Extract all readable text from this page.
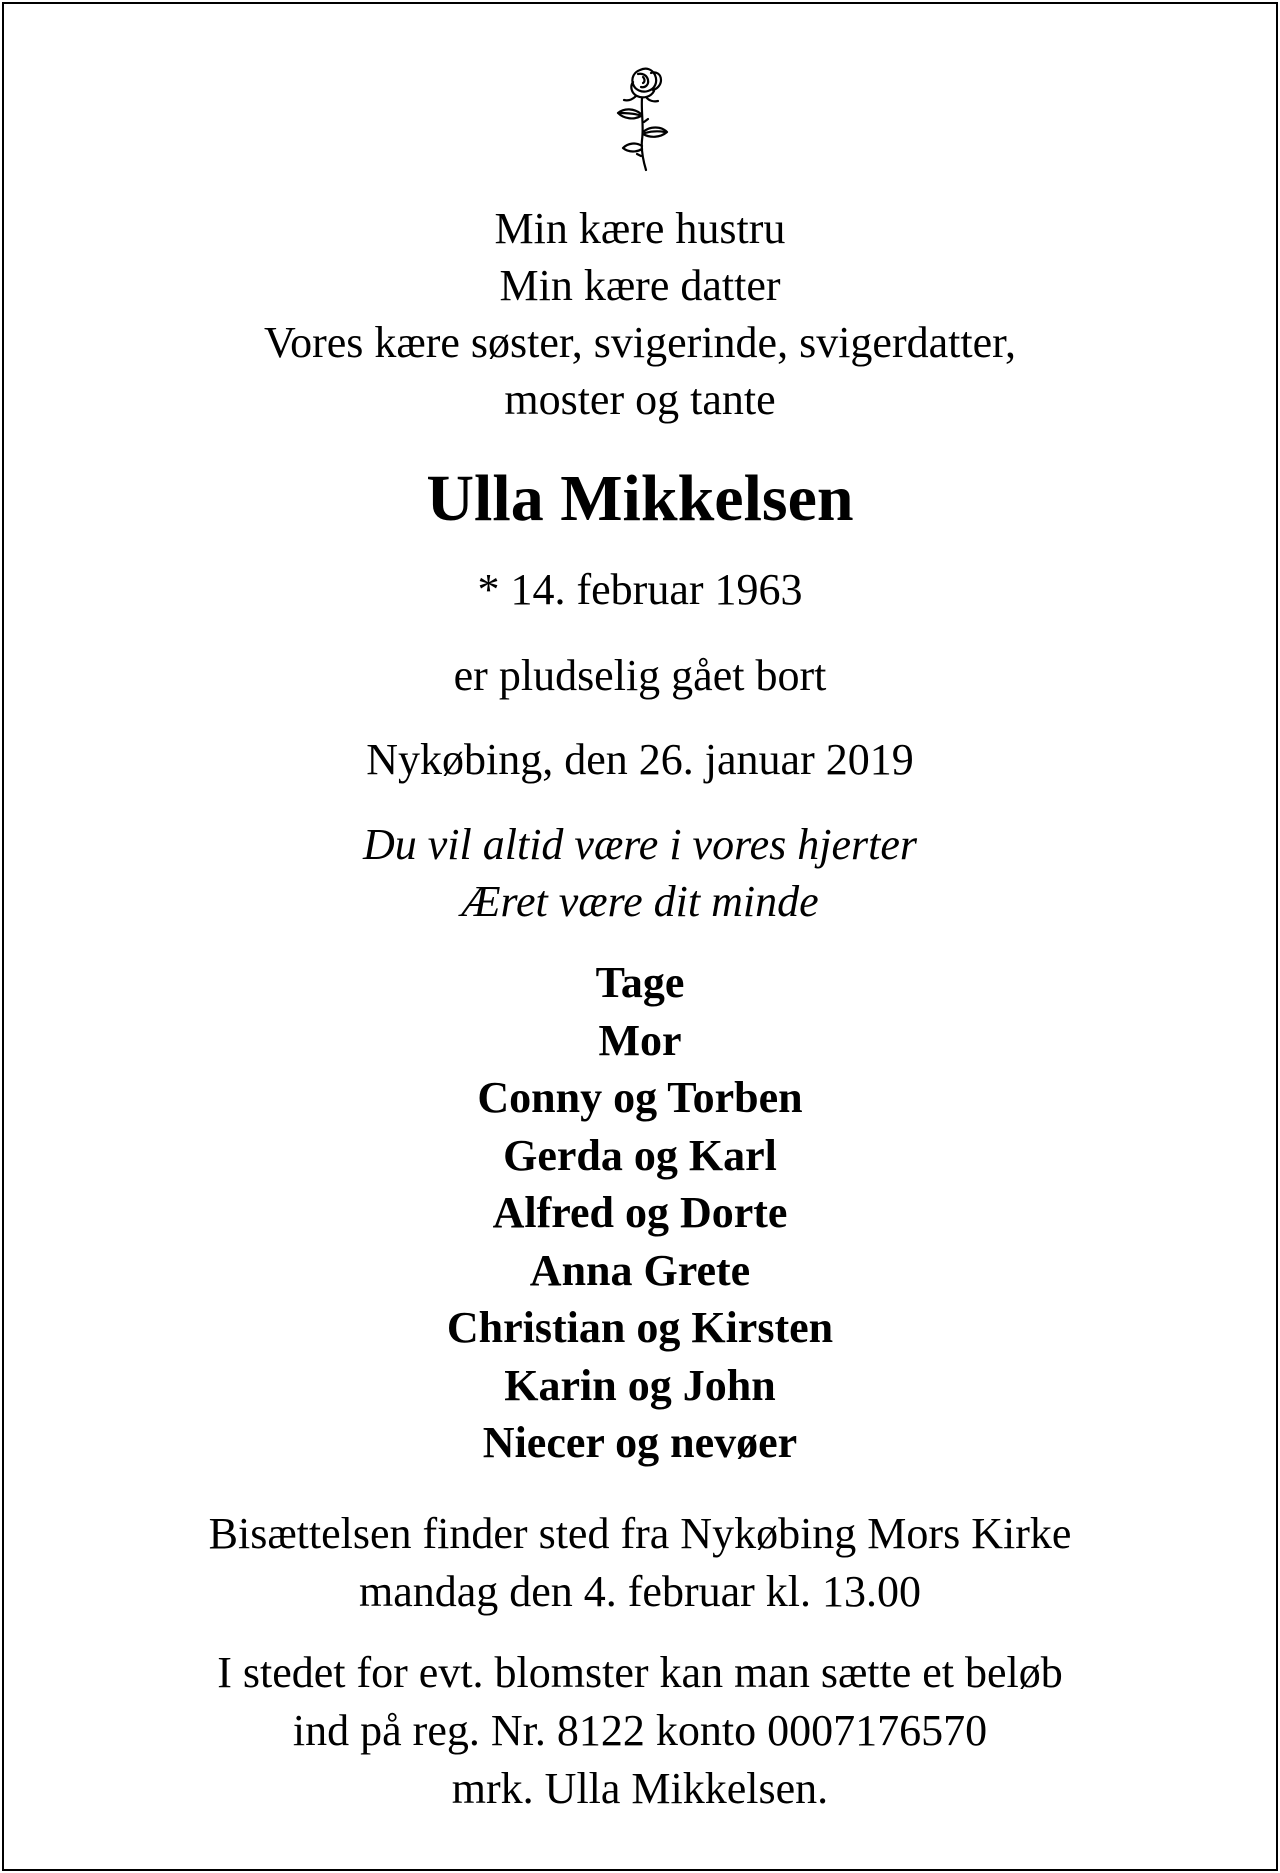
Min kære hustru

Min kære datter

Vores kære søster, svigerinde, svigerdatter,

moster og tante

Ulla Mikkelsen

* 14. februar 1963

er pludselig gået bort

Nykøbing, den 26. januar 2019

Du vil altid være i vores hjerter

Æret være dit minde

Tage

Mor

Conny og Torben

Gerda og Karl

Alfred og Dorte

Anna Grete

Christian og Kirsten

Karin og John

Niecer og nevøer

Bisættelsen finder sted fra Nykøbing Mors Kirke

mandag den 4. februar kl. 13.00

I stedet for evt. blomster kan man sætte et beløb

ind på reg. Nr. 8122 konto 0007176570

mrk. Ulla Mikkelsen.
